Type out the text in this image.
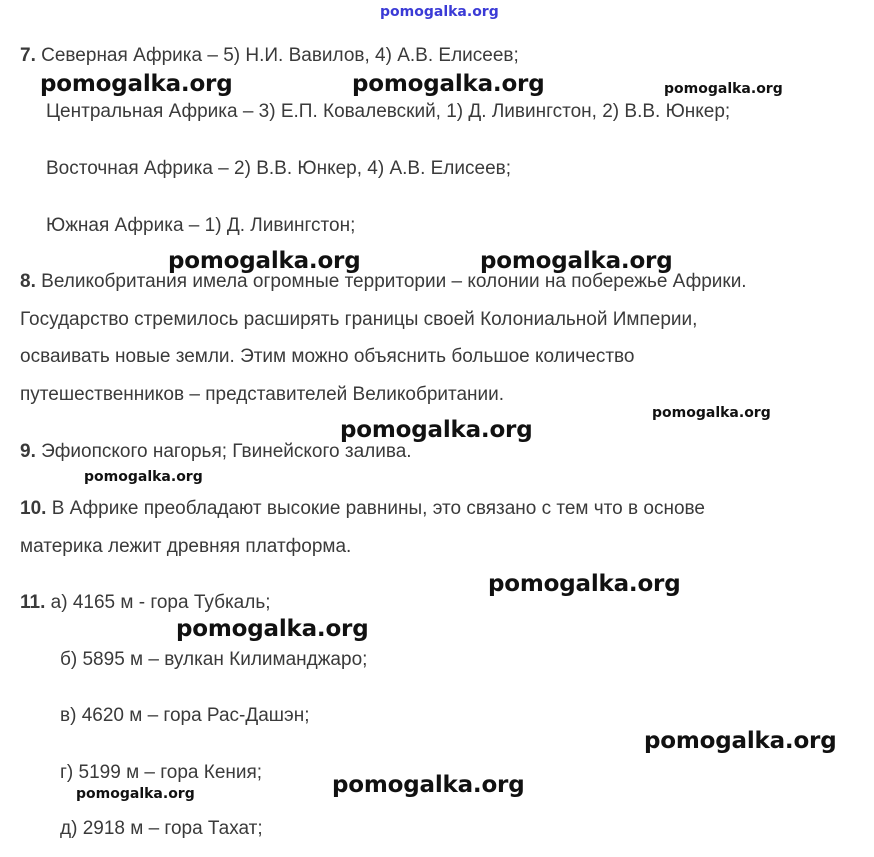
pomogalka.org
7. Северная Африка – 5) Н.И. Вавилов, 4) А.В. Елисеев;
Центральная Африка – 3) Е.П. Ковалевский, 1) Д. Ливингстон, 2) В.В. Юнкер;
Восточная Африка – 2) В.В. Юнкер, 4) А.В. Елисеев;
Южная Африка – 1) Д. Ливингстон;
8. Великобритания имела огромные территории – колонии на побережье Африки.
Государство стремилось расширять границы своей Колониальной Империи,
осваивать новые земли. Этим можно объяснить большое количество
путешественников – представителей Великобритании.
9. Эфиопского нагорья; Гвинейского залива.
10. В Африке преобладают высокие равнины, это связано с тем что в основе
материка лежит древняя платформа.
11. а) 4165 м - гора Тубкаль;
б) 5895 м – вулкан Килиманджаро;
в) 4620 м – гора Рас-Дашэн;
г) 5199 м – гора Кения;
д) 2918 м – гора Тахат;
pomogalka.org	pomogalka.org	pomogalka.org
pomogalka.org	pomogalka.org
pomogalka.org
pomogalka.org
pomogalka.org
pomogalka.org
pomogalka.org
pomogalka.org
pomogalka.org
pomogalka.org
